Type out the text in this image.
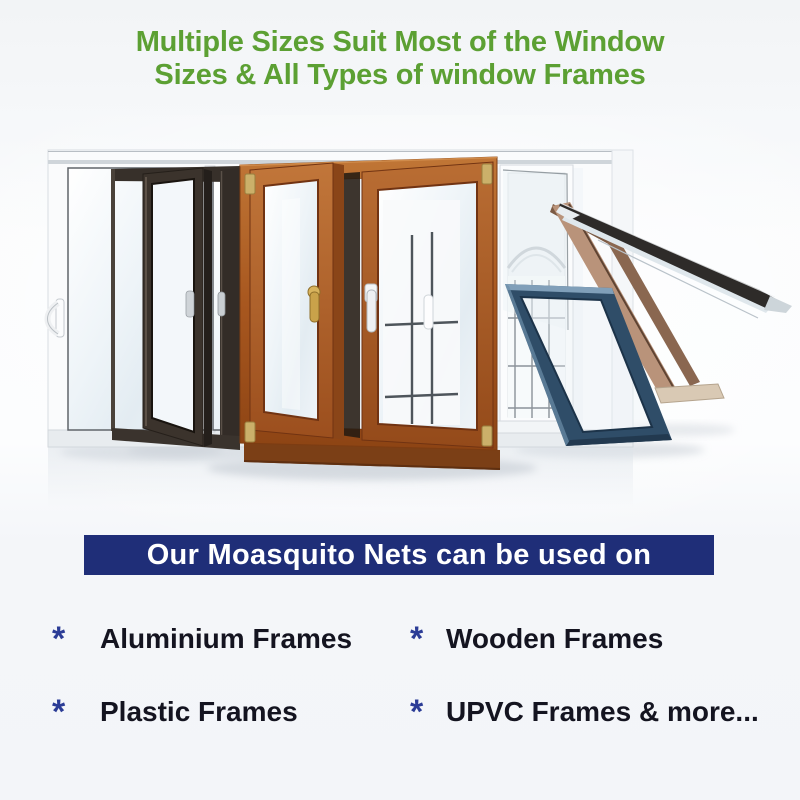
Multiple Sizes Suit Most of the Window
Sizes & All Types of window Frames
Our Moasquito Nets can be used on
*	Aluminium Frames * Wooden Frames
*	Plastic Frames	* UPVC Frames & more...
